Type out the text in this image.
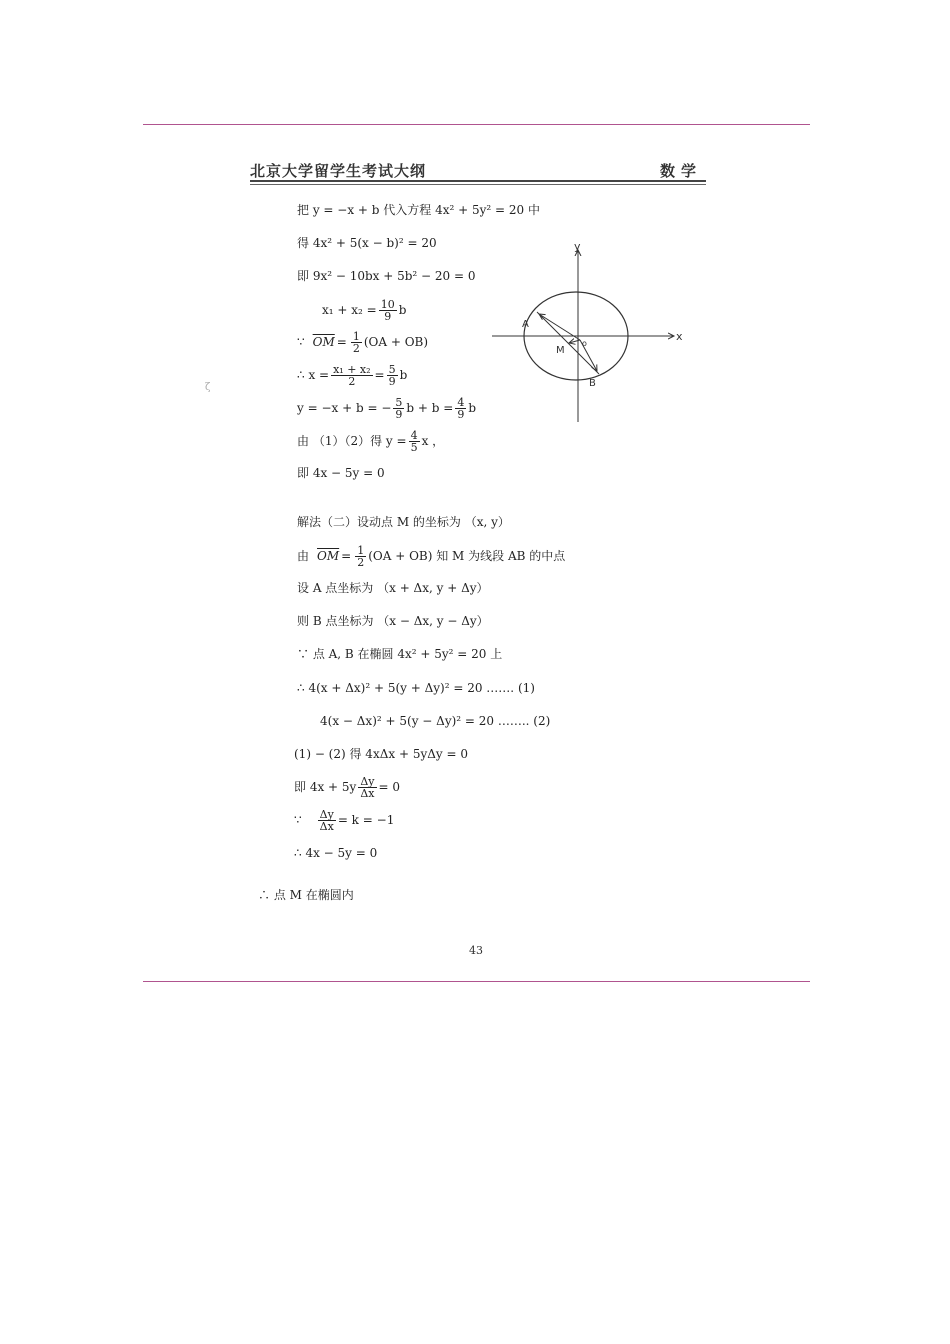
北京大学留学生考试大纲	数学
把 y = −x + b 代入方程 4x² + 5y² = 20 中
得 4x² + 5(x − b)² = 20
即 9x² − 10bx + 5b² − 20 = 0
$x_1 + x_2 = \frac{10}{9}$ b
∵ $\overline{OM} = \frac{1}{2} (OA + OB)$
∴ $x = \frac{\text{x₁ + x₂}}{2} = \frac{5}{9}$ b
y = −x + b = − $\frac{5}{9}$ $b + b = \frac{4}{9}$ b
由 （1）（2）得 $y = \frac{4}{5}$ x ，
即 4x − 5y = 0
解法（二）设动点 M 的坐标为 （x, y）
由 $\overline{OM} = \frac{1}{2} (OA + OB)$ 知 M 为线段 AB 的中点
设 A 点坐标为 （x + Δx, y + Δy）
则 B 点坐标为 （x − Δx, y − Δy）
∵ 点 A, B 在椭圆 4x² + 5y² = 20 上
∴ 4(x + Δx)² + 5(y + Δy)² = 20 ……. (1)
4(x − Δx)² + 5(y − Δy)² = 20 …….. (2)
(1) − (2) 得 4xΔx + 5yΔy = 0
即 $4x + 5y \frac{\Delta y}{\Delta x} = 0$
∵ $\frac{\Delta y}{\Delta x} = k = -1$
∴ 4x − 5y = 0
∴ 点 M 在椭圆内
ζ
y
x
A
M
o
B
43
